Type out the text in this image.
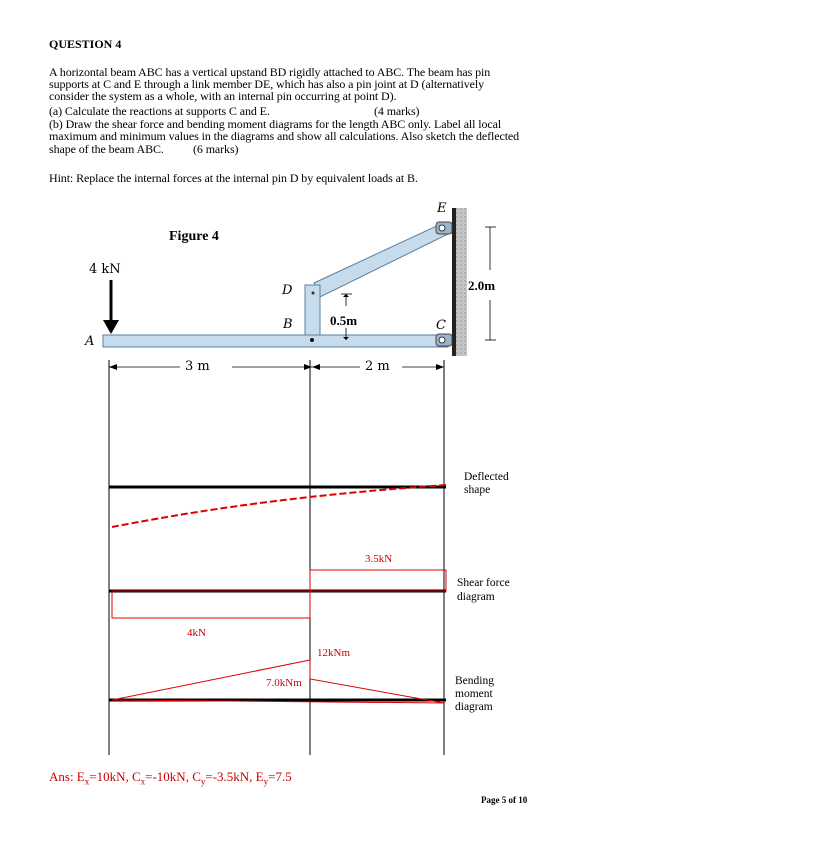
QUESTION 4
A horizontal beam ABC has a vertical upstand BD rigidly attached to ABC. The beam has pin
supports at C and E through a link member DE, which has also a pin joint at D (alternatively
consider the system as a whole, with an internal pin occurring at point D).
(a) Calculate the reactions at supports C and E.	(4 marks)
(b) Draw the shear force and bending moment diagrams for the length ABC only. Label all local
maximum and minimum values in the diagrams and show all calculations. Also sketch the deflected
shape of the beam ABC. (6 marks)
Hint: Replace the internal forces at the internal pin D by equivalent loads at B.
Figure 4
4 kN
A
B
D
E
C
0.5m
2.0m
3 m	2 m
Deflected
shape
Shear force
diagram
Bending
moment
diagram
3.5kN
4kN
12kNm
7.0kNm
Ans: $E_x=10kN$, $C_x=-10kN$, $C_y=-3.5kN$, $E_y=7.5$
Page 5 of 10
